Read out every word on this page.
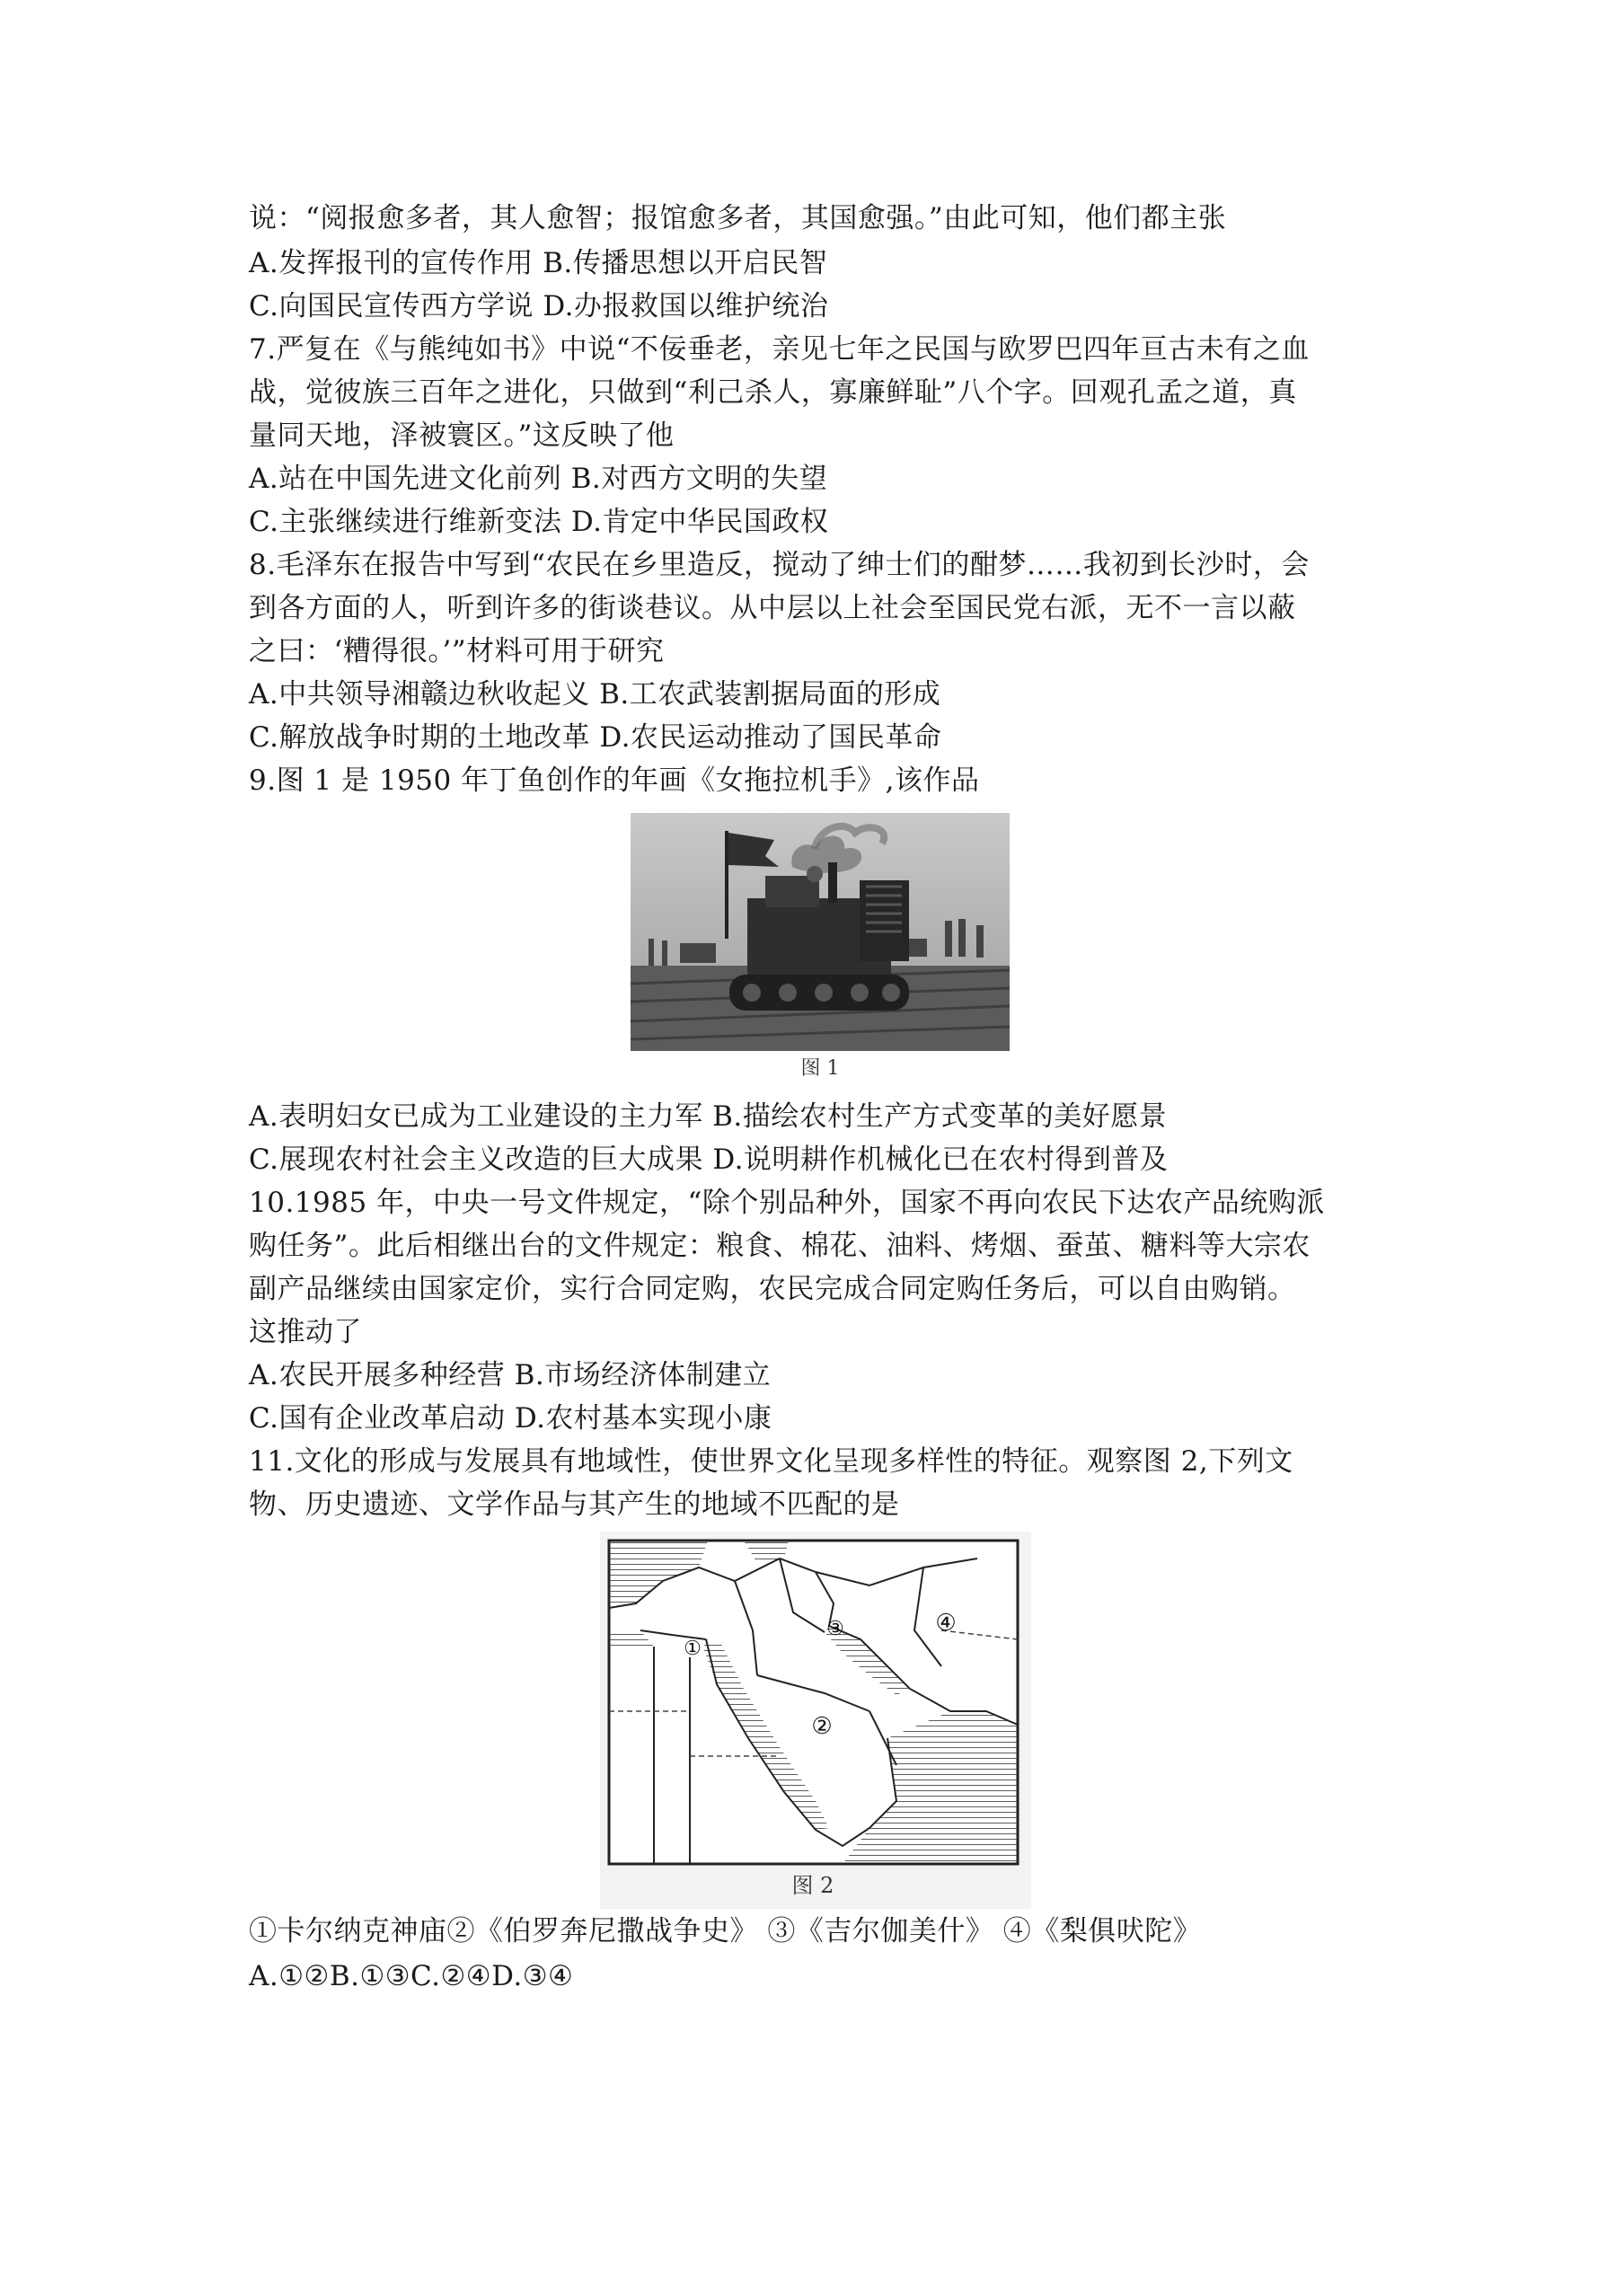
说：“阅报愈多者，其人愈智；报馆愈多者，其国愈强。”由此可知，他们都主张
A.发挥报刊的宣传作用 B.传播思想以开启民智
C.向国民宣传西方学说 D.办报救国以维护统治
7.严复在《与熊纯如书》中说“不佞垂老，亲见七年之民国与欧罗巴四年亘古未有之血
战，觉彼族三百年之进化，只做到“利己杀人，寡廉鲜耻”八个字。回观孔孟之道，真
量同天地，泽被寰区。”这反映了他
A.站在中国先进文化前列 B.对西方文明的失望
C.主张继续进行维新变法 D.肯定中华民国政权
8.毛泽东在报告中写到“农民在乡里造反，搅动了绅士们的酣梦……我初到长沙时，会
到各方面的人，听到许多的街谈巷议。从中层以上社会至国民党右派，无不一言以蔽
之曰：‘糟得很。’”材料可用于研究
A.中共领导湘赣边秋收起义 B.工农武装割据局面的形成
C.解放战争时期的土地改革 D.农民运动推动了国民革命
9.图 1 是 1950 年丁鱼创作的年画《女拖拉机手》,该作品
图 1
A.表明妇女已成为工业建设的主力军 B.描绘农村生产方式变革的美好愿景
C.展现农村社会主义改造的巨大成果 D.说明耕作机械化已在农村得到普及
10.1985 年，中央一号文件规定，“除个别品种外，国家不再向农民下达农产品统购派
购任务”。此后相继出台的文件规定：粮食、棉花、油料、烤烟、蚕茧、糖料等大宗农
副产品继续由国家定价，实行合同定购，农民完成合同定购任务后，可以自由购销。
这推动了
A.农民开展多种经营 B.市场经济体制建立
C.国有企业改革启动 D.农村基本实现小康
11.文化的形成与发展具有地域性，使世界文化呈现多样性的特征。观察图 2,下列文
物、历史遗迹、文学作品与其产生的地域不匹配的是
①
②
③	④
图 2
①卡尔纳克神庙②《伯罗奔尼撒战争史》 ③《吉尔伽美什》 ④《梨俱吠陀》
A.①②B.①③C.②④D.③④
